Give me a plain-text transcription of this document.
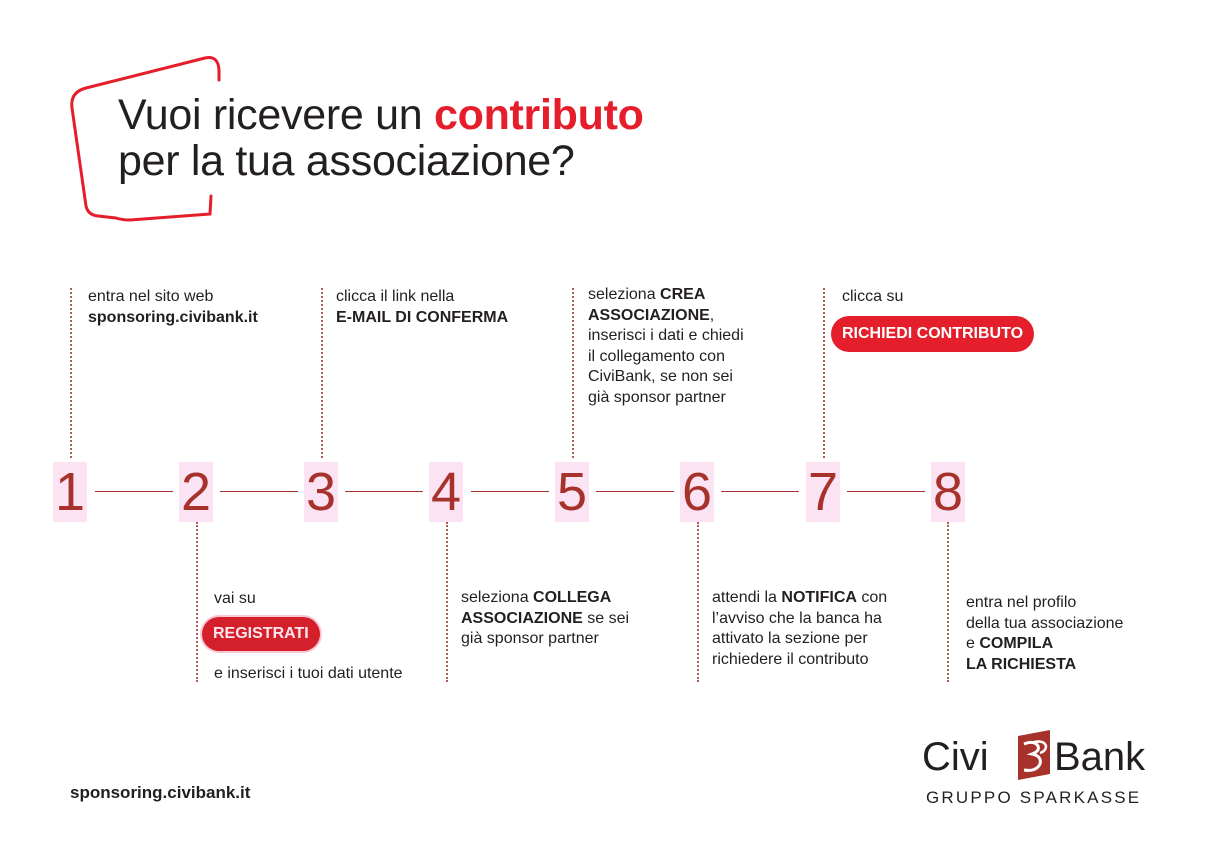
Vuoi ricevere un contributo
per la tua associazione?
1 2 3 4 5 6 7 8
entra nel sito web
sponsoring.civibank.it
clicca il link nella
E-MAIL DI CONFERMA
seleziona CREA
ASSOCIAZIONE,
inserisci i dati e chiedi
il collegamento con
CiviBank, se non sei
già sponsor partner
clicca su
RICHIEDI CONTRIBUTO
vai su
REGISTRATI
e inserisci i tuoi dati utente
seleziona COLLEGA
ASSOCIAZIONE se sei
già sponsor partner
attendi la NOTIFICA con
l’avviso che la banca ha
attivato la sezione per
richiedere il contributo
entra nel profilo
della tua associazione
e COMPILA
LA RICHIESTA
sponsoring.civibank.it
Civi Bank
GRUPPO SPARKASSE
